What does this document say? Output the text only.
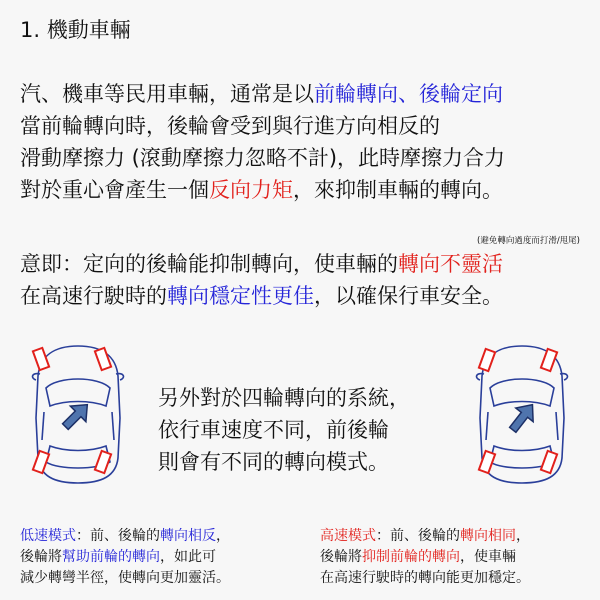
1. 機動車輛
汽、機車等民用車輛，通常是以前輪轉向、後輪定向
當前輪轉向時，後輪會受到與行進方向相反的
滑動摩擦力 (滾動摩擦力忽略不計)，此時摩擦力合力
對於重心會產生一個反向力矩，來抑制車輛的轉向。
(避免轉向過度而打滑/甩尾)
意即：定向的後輪能抑制轉向，使車輛的轉向不靈活
在高速行駛時的轉向穩定性更佳，以確保行車安全。
另外對於四輪轉向的系統，
依行車速度不同，前後輪
則會有不同的轉向模式。
低速模式：前、後輪的轉向相反，
後輪將幫助前輪的轉向，如此可
減少轉彎半徑，使轉向更加靈活。
高速模式：前、後輪的轉向相同，
後輪將抑制前輪的轉向，使車輛
在高速行駛時的轉向能更加穩定。
